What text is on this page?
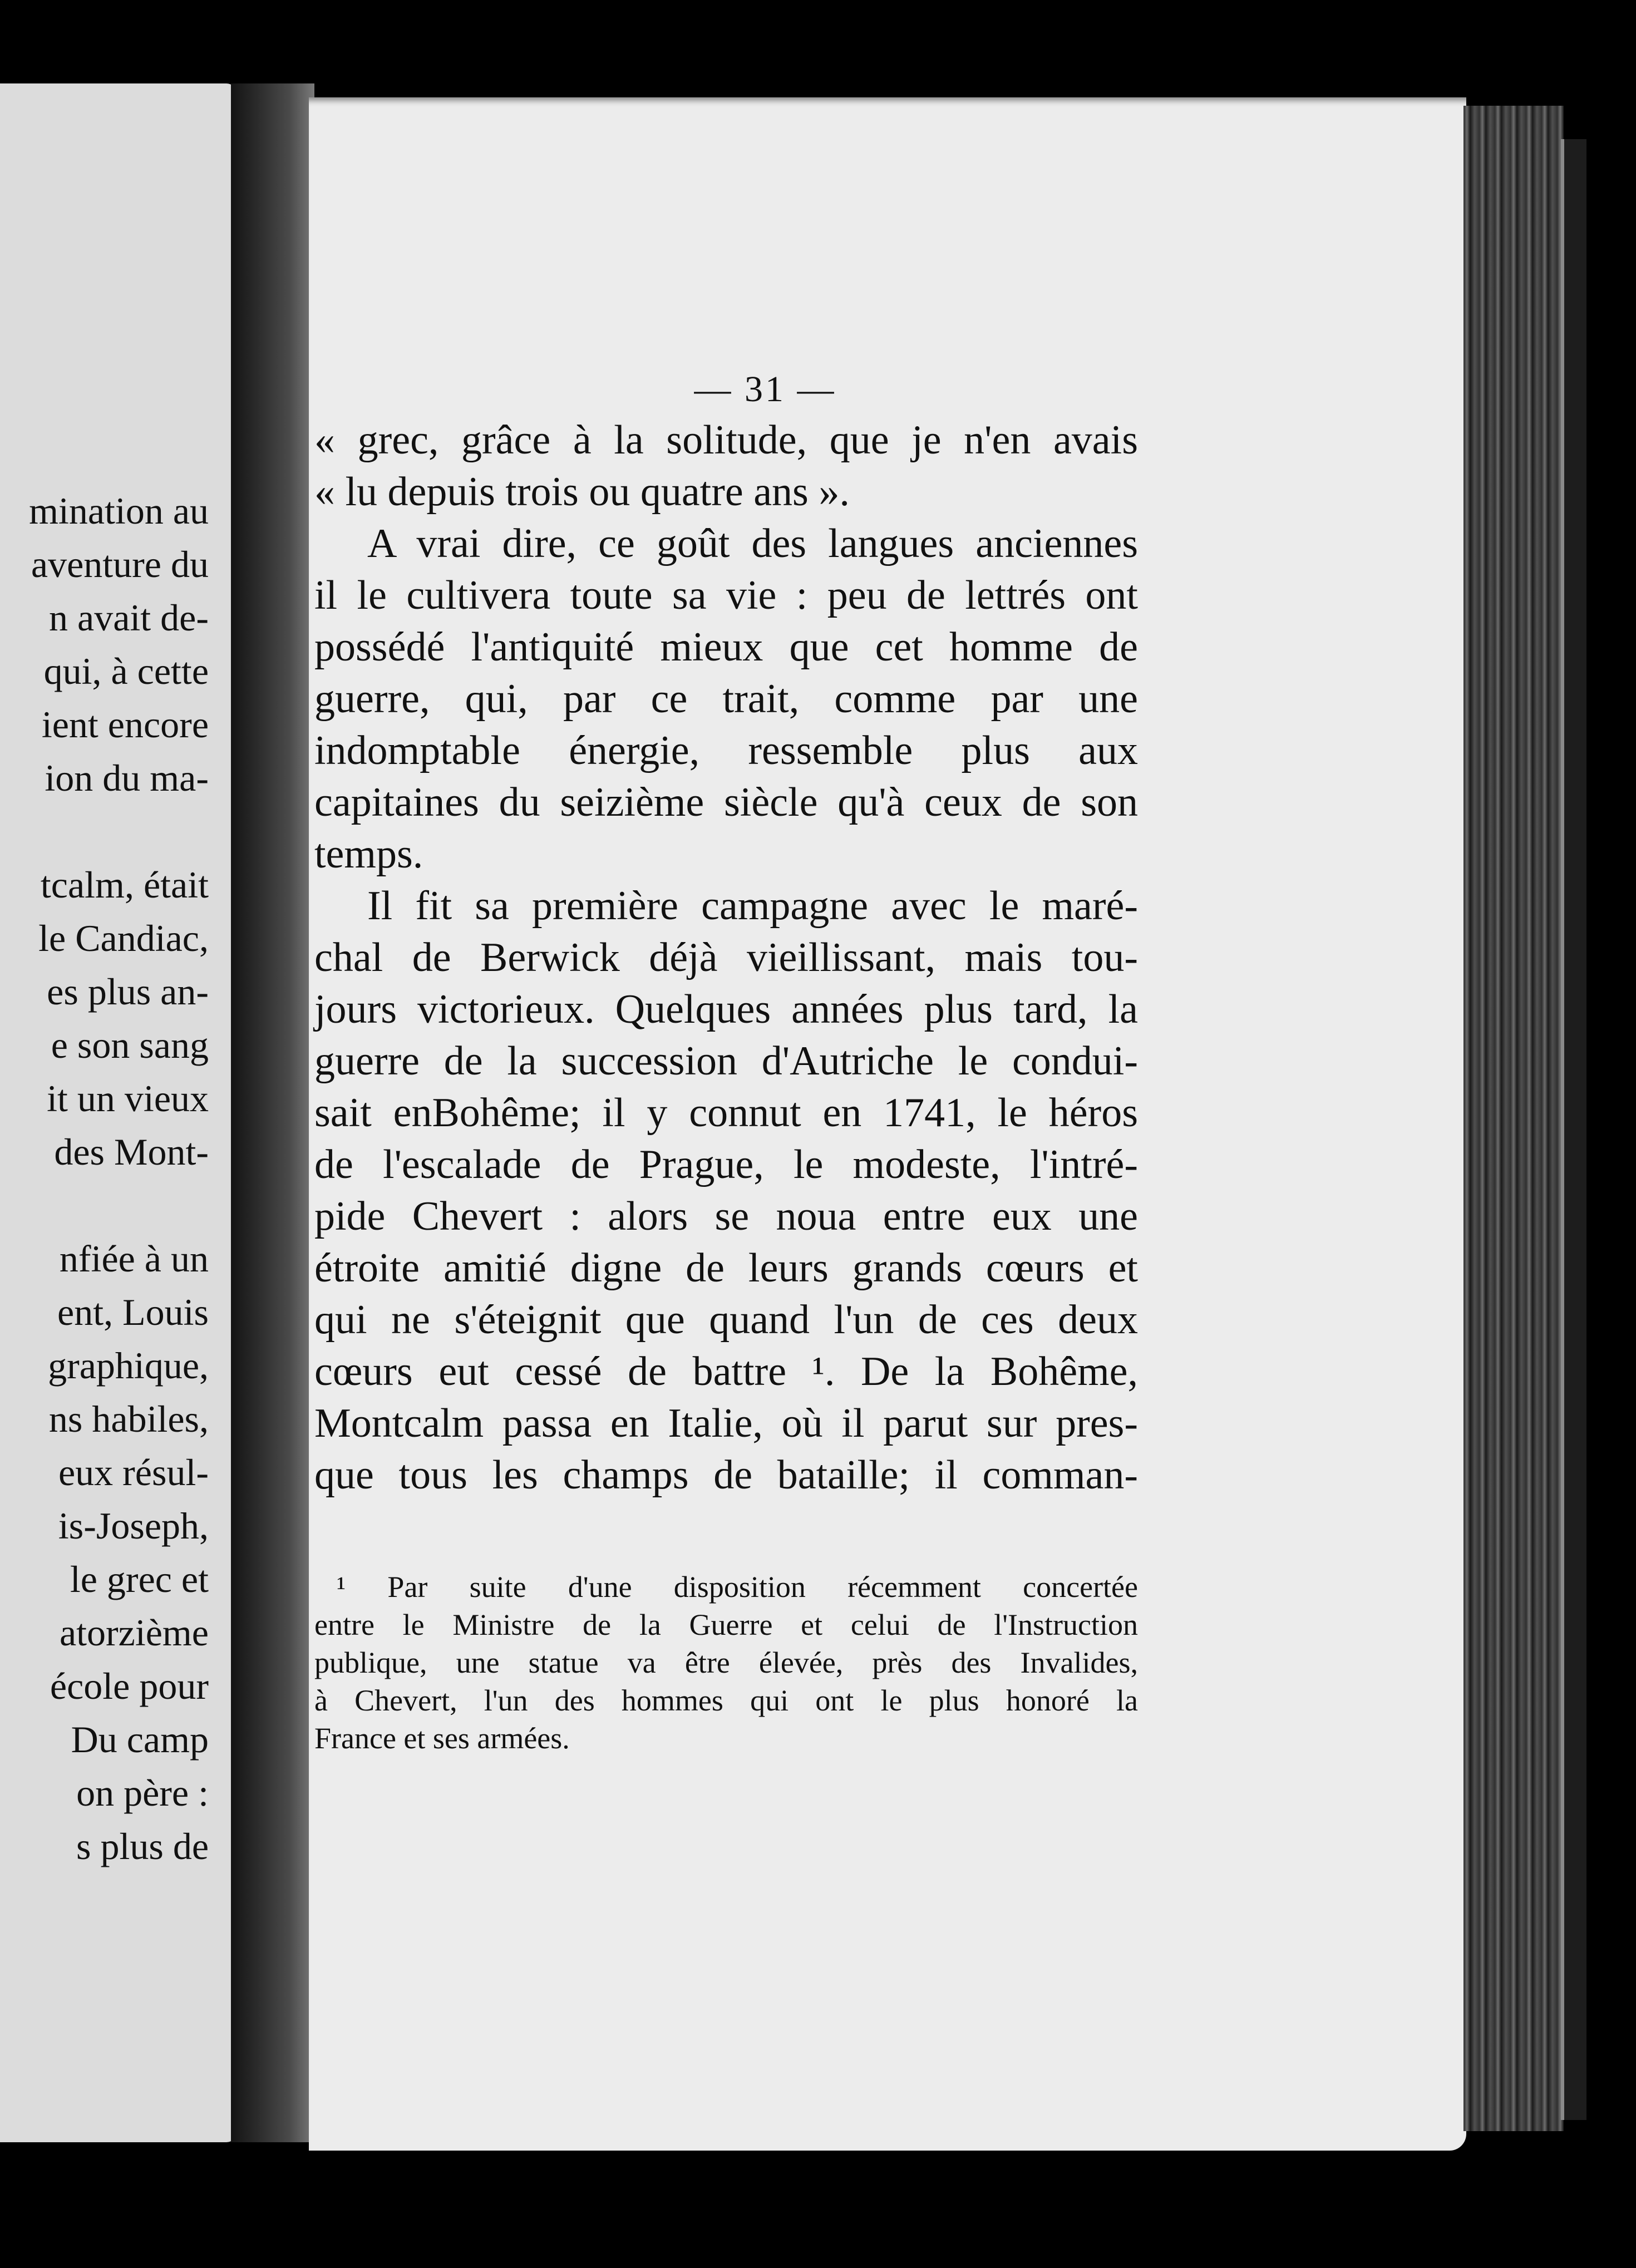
mination au
aventure du
n avait de-
qui, à cette
ient encore
ion du ma-
tcalm, était
le Candiac,
es plus an-
e son sang
it un vieux
des Mont-
nfiée à un
ent, Louis
graphique,
ns habiles,
eux résul-
is-Joseph,
le grec et
atorzième
école pour
Du camp
on père :
s plus de
— 31 —
« grec, grâce à la solitude, que je n'en avais
« lu depuis trois ou quatre ans ».
A vrai dire, ce goût des langues anciennes
il le cultivera toute sa vie : peu de lettrés ont
possédé l'antiquité mieux que cet homme de
guerre, qui, par ce trait, comme par une
indomptable énergie, ressemble plus aux
capitaines du seizième siècle qu'à ceux de son
temps.
Il fit sa première campagne avec le maré-
chal de Berwick déjà vieillissant, mais tou-
jours victorieux. Quelques années plus tard, la
guerre de la succession d'Autriche le condui-
sait enBohême; il y connut en 1741, le héros
de l'escalade de Prague, le modeste, l'intré-
pide Chevert : alors se noua entre eux une
étroite amitié digne de leurs grands cœurs et
qui ne s'éteignit que quand l'un de ces deux
cœurs eut cessé de battre ¹. De la Bohême,
Montcalm passa en Italie, où il parut sur pres-
que tous les champs de bataille; il comman-
¹ Par suite d'une disposition récemment concertée
entre le Ministre de la Guerre et celui de l'Instruction
publique, une statue va être élevée, près des Invalides,
à Chevert, l'un des hommes qui ont le plus honoré la
France et ses armées.
